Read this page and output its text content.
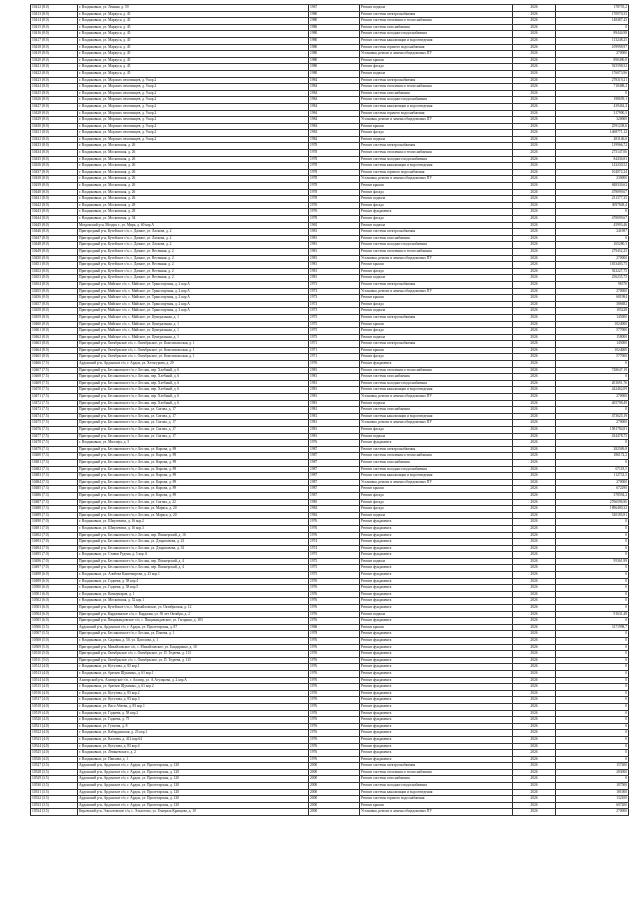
10412 (8.0)	г. Владикавказ, ул. Ленина, д. 59	1967	Ремонт подвала	2026	178755,2
10413 (8.0)	г. Владикавказ, ул. Маркуса, д. 45	1980	Ремонт системы электроснабжения	2026	170970,33
10414 (8.0)	г. Владикавказ, ул. Маркуса, д. 45	1980	Ремонт системы отопления и теплоснабжения	2026	148487,43
10415 (8.0)	г. Владикавказ, ул. Маркуса, д. 45	1980	Ремонт системы газоснабжения	2026	0
10416 (8.0)	г. Владикавказ, ул. Маркуса, д. 45	1980	Ремонт системы холодного водоснабжения	2026	89444,98
10417 (8.0)	г. Владикавказ, ул. Маркуса, д. 45	1980	Ремонт системы канализации и водоотведения	2026	113248,25
10418 (8.0)	г. Владикавказ, ул. Маркуса, д. 45	1980	Ремонт системы горячего водоснабжения	2026	109998,97
10419 (8.0)	г. Владикавказ, ул. Маркуса, д. 45	1980	Установка, ремонт и замена общедомовых ПУ	2026	270000
10420 (8.0)	г. Владикавказ, ул. Маркуса, д. 45	1980	Ремонт крыши	2026	890490,8
10421 (8.0)	г. Владикавказ, ул. Маркуса, д. 45	1980	Ремонт фасада	2026	925598,52
10422 (8.0)	г. Владикавказ, ул. Маркуса, д. 45	1980	Ремонт подвала	2026	176073,96
10423 (8.0)	г. Владикавказ, ул. Морских пехотинцев, д. 9 кор.2	1984	Ремонт системы электроснабжения	2026	278319,21
10424 (8.0)	г. Владикавказ, ул. Морских пехотинцев, д. 9 кор.2	1984	Ремонт системы отопления и теплоснабжения	2026	718488,2
10425 (8.0)	г. Владикавказ, ул. Морских пехотинцев, д. 9 кор.2	1984	Ремонт системы газоснабжения	2026	0
10426 (8.0)	г. Владикавказ, ул. Морских пехотинцев, д. 9 кор.2	1984	Ремонт системы холодного водоснабжения	2026	198659,1
10427 (8.0)	г. Владикавказ, ул. Морских пехотинцев, д. 9 кор.2	1984	Ремонт системы канализации и водоотведения	2026	439462,2
10428 (8.0)	г. Владикавказ, ул. Морских пехотинцев, д. 9 кор.2	1984	Ремонт системы горячего водоснабжения	2026	317900,3
10429 (8.0)	г. Владикавказ, ул. Морских пехотинцев, д. 9 кор.2	1984	Установка, ремонт и замена общедомовых ПУ	2026	320000
10430 (8.0)	г. Владикавказ, ул. Морских пехотинцев, д. 9 кор.2	1984	Ремонт крыши	2026	2591238,6
10431 (8.0)	г. Владикавказ, ул. Морских пехотинцев, д. 9 кор.2	1984	Ремонт фасада	2026	1468771,12
10432 (8.0)	г. Владикавказ, ул. Морских пехотинцев, д. 9 кор.2	1984	Ремонт подвала	2026	481146,6
10433 (8.0)	г. Владикавказ, ул. Московская, д. 26	1978	Ремонт системы электроснабжения	2026	119966,72
10434 (8.0)	г. Владикавказ, ул. Московская, д. 26	1978	Ремонт системы отопления и теплоснабжения	2026	275147,06
10435 (8.0)	г. Владикавказ, ул. Московская, д. 26	1978	Ремонт системы холодного водоснабжения	2026	84436,81
10436 (8.0)	г. Владикавказ, ул. Московская, д. 26	1978	Ремонт системы канализации и водоотведения	2026	143230,52
10437 (8.0)	г. Владикавказ, ул. Московская, д. 26	1978	Ремонт системы горячего водоснабжения	2026	104072,24
10438 (8.0)	г. Владикавказ, ул. Московская, д. 26	1978	Установка, ремонт и замена общедомовых ПУ	2026	230000
10439 (8.0)	г. Владикавказ, ул. Московская, д. 26	1978	Ремонт крыши	2026	848330,63
10440 (8.0)	г. Владикавказ, ул. Московская, д. 26	1978	Ремонт фасада	2026	478099,67
10441 (8.0)	г. Владикавказ, ул. Московская, д. 26	1978	Ремонт подвала	2026	231377,35
10442 (8.0)	г. Владикавказ, ул. Московская, д. 28	1976	Ремонт фасада	2026	3097848,4
10443 (8.0)	г. Владикавказ, ул. Московская, д. 28	1976	Ремонт фундамента	2026	0
10444 (8.0)	г. Владикавказ, ул. Московская, д. 34	1978	Ремонт фасада	2026	478099,67
10445 (8.0)	Моздокский р-н, Моздок г., ул. Мира, д. 60 кор.А	1965	Ремонт подвала	2026	45993,46
10446 (8.0)	Пригородный р-н, Кутейское с/п, с. Дачное, ул. Ласкова, д. 2	1981	Ремонт системы электроснабжения	2026	241697
10447 (8.0)	Пригородный р-н, Кутейское с/п, с. Дачное, ул. Ласкова, д. 2	1981	Ремонт системы газоснабжения	2026	0
10448 (8.0)	Пригородный р-н, Кутейское с/п, с. Дачное, ул. Ласкова, д. 2	1981	Ремонт системы холодного водоснабжения	2026	165280,3
10449 (8.0)	Пригородный р-н, Кутейское с/п, с. Дачное, ул. Весенняя, д. 2	1981	Ремонт системы отопления и теплоснабжения	2026	279452,25
10450 (8.0)	Пригородный р-н, Кутейское с/п, с. Дачное, ул. Весенняя, д. 2	1981	Установка, ремонт и замена общедомовых ПУ	2026	270000
10451 (8.0)	Пригородный р-н, Кутейское с/п, с. Дачное, ул. Весенняя, д. 2	1981	Ремонт крыши	2026	1653403,75
10452 (8.0)	Пригородный р-н, Кутейское с/п, с. Дачное, ул. Весенняя, д. 2	1981	Ремонт фасада	2026	923227,75
10453 (8.0)	Пригородный р-н, Кутейское с/п, с. Дачное, ул. Весенняя, д. 2	1981	Ремонт подвала	2026	256235,75
10454 (8.0)	Пригородный р-н, Майское с/п, с. Майское, ул. Транспортная, д. 2 кор.А	1973	Ремонт системы электроснабжения	2026	96570
10455 (8.0)	Пригородный р-н, Майское с/п, с. Майское, ул. Транспортная, д. 2 кор.А	1973	Установка, ремонт и замена общедомовых ПУ	2026	270000
10456 (8.0)	Пригородный р-н, Майское с/п, с. Майское, ул. Транспортная, д. 2 кор.А	1973	Ремонт крыши	2026	681984
10457 (8.0)	Пригородный р-н, Майское с/п, с. Майское, ул. Транспортная, д. 2 кор.А	1973	Ремонт фасада	2026	386682
10458 (8.0)	Пригородный р-н, Майское с/п, с. Майское, ул. Транспортная, д. 2 кор.А	1973	Ремонт подвала	2026	105228
10459 (8.0)	Пригородный р-н, Майское с/п, с. Майское, ул. Центральная, д. 1	1975	Ремонт системы электроснабжения	2026	145000
10460 (8.0)	Пригородный р-н, Майское с/п, с. Майское, ул. Центральная, д. 1	1975	Ремонт крыши	2026	1024000
10461 (8.0)	Пригородный р-н, Майское с/п, с. Майское, ул. Центральная, д. 1	1975	Ремонт фасада	2026	577000
10462 (8.0)	Пригородный р-н, Майское с/п, с. Майское, ул. Центральная, д. 1	1975	Ремонт подвала	2026	158000
10463 (8.0)	Пригородный р-н, Октябрьское с/п, с. Октябрьское, ул. Комсомольская, д. 1	1971	Ремонт системы электроснабжения	2026	145000
10464 (8.0)	Пригородный р-н, Октябрьское с/п, с. Октябрьское, ул. Комсомольская, д. 1	1971	Ремонт крыши	2026	1024000
10465 (8.0)	Пригородный р-н, Октябрьское с/п, с. Октябрьское, ул. Комсомольская, д. 1	1971	Ремонт фасада	2026	577000
10466 (7.5)	Ардонский р-н, Ардонское г/п, г. Ардон, ул. Хетагурова, д. 29	1976	Ремонт фундамента	2026	0
10467 (7.5)	Пригородный р-н, Беслановское г/п, г. Беслан, пер. Хлебный, д. 6	1981	Ремонт системы отопления и теплоснабжения	2026	728647,19
10468 (7.5)	Пригородный р-н, Беслановское г/п, г. Беслан, пер. Хлебный, д. 6	1981	Ремонт системы газоснабжения	2026	0
10469 (7.5)	Пригородный р-н, Беслановское г/п, г. Беслан, пер. Хлебный, д. 6	1981	Ремонт системы холодного водоснабжения	2026	201691,76
10470 (7.5)	Пригородный р-н, Беслановское г/п, г. Беслан, пер. Хлебный, д. 6	1981	Ремонт системы канализации и водоотведения	2026	442462,09
10471 (7.5)	Пригородный р-н, Беслановское г/п, г. Беслан, пер. Хлебный, д. 6	1981	Установка, ремонт и замена общедомовых ПУ	2026	270000
10472 (7.5)	Пригородный р-н, Беслановское г/п, г. Беслан, пер. Хлебный, д. 6	1981	Ремонт подвала	2026	405708,49
10473 (7.5)	Пригородный р-н, Беслановское г/п, г. Беслан, ул. Сигова, д. 17	1981	Ремонт системы газоснабжения	2026	0
10474 (7.5)	Пригородный р-н, Беслановское г/п, г. Беслан, ул. Сигова, д. 17	1981	Ремонт системы канализации и водоотведения	2026	473625,19
10475 (7.5)	Пригородный р-н, Беслановское г/п, г. Беслан, ул. Сигова, д. 17	1981	Установка, ремонт и замена общедомовых ПУ	2026	270000
10476 (7.5)	Пригородный р-н, Беслановское г/п, г. Беслан, ул. Сигова, д. 17	1981	Ремонт фасада	2026	1581784,81
10477 (7.5)	Пригородный р-н, Беслановское г/п, г. Беслан, ул. Сигова, д. 17	1981	Ремонт подвала	2026	434478,75
10478 (7.5)	г. Владикавказ, ул. Миллера, д. 3	1976	Ремонт фундамента	2026	0
10479 (7.3)	Пригородный р-н, Беслановское г/п, г. Беслан, ул. Кирова, д. 89	1987	Ремонт системы электроснабжения	2026	282569,8
10480 (7.3)	Пригородный р-н, Беслановское г/п, г. Беслан, ул. Кирова, д. 89	1987	Ремонт системы отопления и теплоснабжения	2026	186172,2
10481 (7.3)	Пригородный р-н, Беслановское г/п, г. Беслан, ул. Кирова, д. 89	1987	Ремонт системы газоснабжения	2026	0
10482 (7.3)	Пригородный р-н, Беслановское г/п, г. Беслан, ул. Кирова, д. 89	1987	Ремонт системы холодного водоснабжения	2026	67118,5
10483 (7.3)	Пригородный р-н, Беслановское г/п, г. Беслан, ул. Кирова, д. 89	1987	Ремонт системы канализации и водоотведения	2026	112731,5
10484 (7.3)	Пригородный р-н, Беслановское г/п, г. Беслан, ул. Кирова, д. 89	1987	Установка, ремонт и замена общедомовых ПУ	2026	270000
10485 (7.3)	Пригородный р-н, Беслановское г/п, г. Беслан, ул. Кирова, д. 89	1987	Ремонт крыши	2026	672290
10486 (7.3)	Пригородный р-н, Беслановское г/п, г. Беслан, ул. Кирова, д. 89	1987	Ремонт фасада	2026	378592,2
10487 (7.3)	Пригородный р-н, Беслановское г/п, г. Беслан, ул. Сигова, д. 22	1985	Ремонт фасада	2026	2766596,96
10488 (7.3)	Пригородный р-н, Беслановское г/п, г. Беслан, ул. Маркса, д. 20	1984	Ремонт фасада	2026	1896480,32
10489 (7.3)	Пригородный р-н, Беслановское г/п, г. Беслан, ул. Маркса, д. 20	1984	Ремонт подвала	2026	520185,81
10490 (7.0)	г. Владикавказ, ул. Шмулевича, д. 16 кор.2	1976	Ремонт фундамента	2026	0
10491 (7.0)	г. Владикавказ, ул. Шмулевича, д. 16 кор.3	1976	Ремонт фундамента	2026	0
10492 (7.0)	Пригородный р-н, Беслановское г/п, г. Беслан, пер. Пионерский, д. 16	1976	Ремонт фундамента	2026	0
10493 (7.0)	Пригородный р-н, Беслановское г/п, г. Беслан, ул. Дзараховова, д. 23	1974	Ремонт фундамента	2026	0
10494 (7.0)	Пригородный р-н, Беслановское г/п, г. Беслан, ул. Дзараховова, д. 33	1974	Ремонт фундамента	2026	0
10495 (7.0)	г. Владикавказ, ул. Ставки Рудена, д. 5 кор.А	1975	Ремонт фундамента	2026	0
10496 (7.0)	Пригородный р-н, Беслановское г/п, г. Беслан, пер. Пионерский, д. 4	1975	Ремонт подвала	2026	95361,99
10497 (7.0)	Пригородный р-н, Беслановское г/п, г. Беслан, пер. Пионерский, д. 4	1975	Ремонт фундамента	2026	0
10498 (6.0)	г. Владикавказ, ул. Алибека Кантемирова, д. 23 кор.1	1975	Ремонт фундамента	2026	0
10499 (6.0)	г. Владикавказ, ул. Гадиева, д. 58 кор.4	1976	Ремонт фундамента	2026	0
10500 (6.0)	г. Владикавказ, ул. Гадиева, д. 58 кор.5	1976	Ремонт фундамента	2026	0
10501 (6.0)	г. Владикавказ, ул. Коммунаров, д. 1	1976	Ремонт фундамента	2026	0
10502 (6.0)	г. Владикавказ, ул. Московская, д. 52 кор.1	1976	Ремонт фундамента	2026	0
10503 (6.0)	Пригородный р-н, Кутейское с/п, с. Михайловское, ул. Октябрьская, д. 12	1976	Ремонт фундамента	2026	0
10504 (6.0)	Пригородный р-н, Карджинское с/п, с. Карджин, ул. 50 лет Октября, д. 2	1976	Ремонт подвала	2026	91631,48
10505 (6.0)	Пригородный р-н, Пищикандовское с/п, с. Пищикандовское, ул. Гагарина, д. 183	1976	Ремонт фундамента	2026	0
10506 (5.5)	Ардонский р-н, Ардонское г/п, г. Ардон, ул. Пролетарская, д. 87	1968	Ремонт крыши	2026	3171998,7
10507 (5.5)	Пригородный р-н, Беслановское г/п, г. Беслан, ул. Плиева, д. 1	1978	Ремонт фундамента	2026	0
10508 (5.0)	г. Владикавказ, ул. Садовая, д. 50, ул. Цаголова, д. 1	1976	Ремонт фундамента	2026	0
10509 (5.0)	Пригородный р-н, Михайловское с/п, с. Михайловское, ул. Бондаренко, д. 10	1976	Ремонт фундамента	2026	0
10510 (5.0)	Пригородный р-н, Октябрьское с/п, с. Октябрьское, ул. П. Тедеева, д. 113	1976	Ремонт фундамента	2026	0
10511 (5.0)	Пригородный р-н, Октябрьское с/п, с. Октябрьское, ул. П. Тедеева, д. 115	1976	Ремонт фундамента	2026	0
10512 (4.0)	г. Владикавказ, ул. Кутузова, д. 83 кор.1	1976	Ремонт фундамента	2026	0
10513 (4.0)	г. Владикавказ, ул. братьев Щукиных, д. 61 кор.1	1976	Ремонт фундамента	2026	0
10514 (4.0)	Алагирский р-н, Алагирское г/п, г. Алагир, ул. А.Агузарова, д. 2 кор.А	1976	Ремонт фундамента	2026	0
10515 (4.0)	г. Владикавказ, ул. братьев Щукиных, д. 61 кор.2	1976	Ремонт фундамента	2026	0
10516 (4.0)	г. Владикавказ, ул. Кутузова, д. 83 кор.2	1976	Ремонт фундамента	2026	0
10517 (4.0)	г. Владикавказ, ул. Кутузова, д. 83 кор.3	1976	Ремонт фундамента	2026	0
10518 (4.0)	г. Владикавказ, ул. Васо Абаева, д. 83 кор.1	1976	Ремонт фундамента	2026	0
10519 (4.0)	г. Владикавказ, ул. Гадиева, д. 58 кор.2	1976	Ремонт фундамента	2026	0
10520 (4.0)	г. Владикавказ, ул. Гадиева, д. 75	1976	Ремонт фундамента	2026	0
10521 (4.0)	г. Владикавказ, ул. Гутиева, д. 8	1976	Ремонт фундамента	2026	0
10522 (4.0)	г. Владикавказ, ул. Кабардинская, д. 23 кор.1	1976	Ремонт фундамента	2026	0
10523 (4.0)	г. Владикавказ, ул. Калоева, д. 412 кор.64	1976	Ремонт фундамента	2026	0
10524 (4.0)	г. Владикавказ, ул. Кутузова, д. 83 кор.4	1976	Ремонт фундамента	2026	0
10525 (4.0)	г. Владикавказ, ул. Леваневского, д. 2	1976	Ремонт фундамента	2026	0
10526 (4.0)	г. Владикавказ, ул. Павлова, д. 1	1976	Ремонт фундамента	2026	0
10527 (3.5)	Ардонский р-н, Ардонское г/п, г. Ардон, ул. Пролетарская, д. 120	2000	Ремонт системы электроснабжения	2026	157200
10528 (3.5)	Ардонский р-н, Ардонское г/п, г. Ардон, ул. Пролетарская, д. 120	2000	Ремонт системы отопления и теплоснабжения	2026	283000
10529 (3.5)	Ардонский р-н, Ардонское г/п, г. Ардон, ул. Пролетарская, д. 120	2000	Ремонт системы газоснабжения	2026	0
10530 (3.5)	Ардонский р-н, Ардонское г/п, г. Ардон, ул. Пролетарская, д. 120	2000	Ремонт системы холодного водоснабжения	2026	107500
10531 (3.5)	Ардонский р-н, Ардонское г/п, г. Ардон, ул. Пролетарская, д. 120	2000	Ремонт системы канализации и водоотведения	2026	181000
10532 (3.5)	Ардонский р-н, Ардонское г/п, г. Ардон, ул. Пролетарская, д. 120	2000	Ремонт системы горячего водоснабжения	2026	132100
10533 (3.5)	Ардонский р-н, Ардонское г/п, г. Ардон, ул. Пролетарская, д. 120	2000	Ремонт крыши	2026	607200
10534 (3.5)	Кировский р-н, Эльхотовское с/п, с. Эльхотово, ул. Генерала Кравцова, д. 10	2000	Установка, ремонт и замена общедомовых ПУ	2026	270000
